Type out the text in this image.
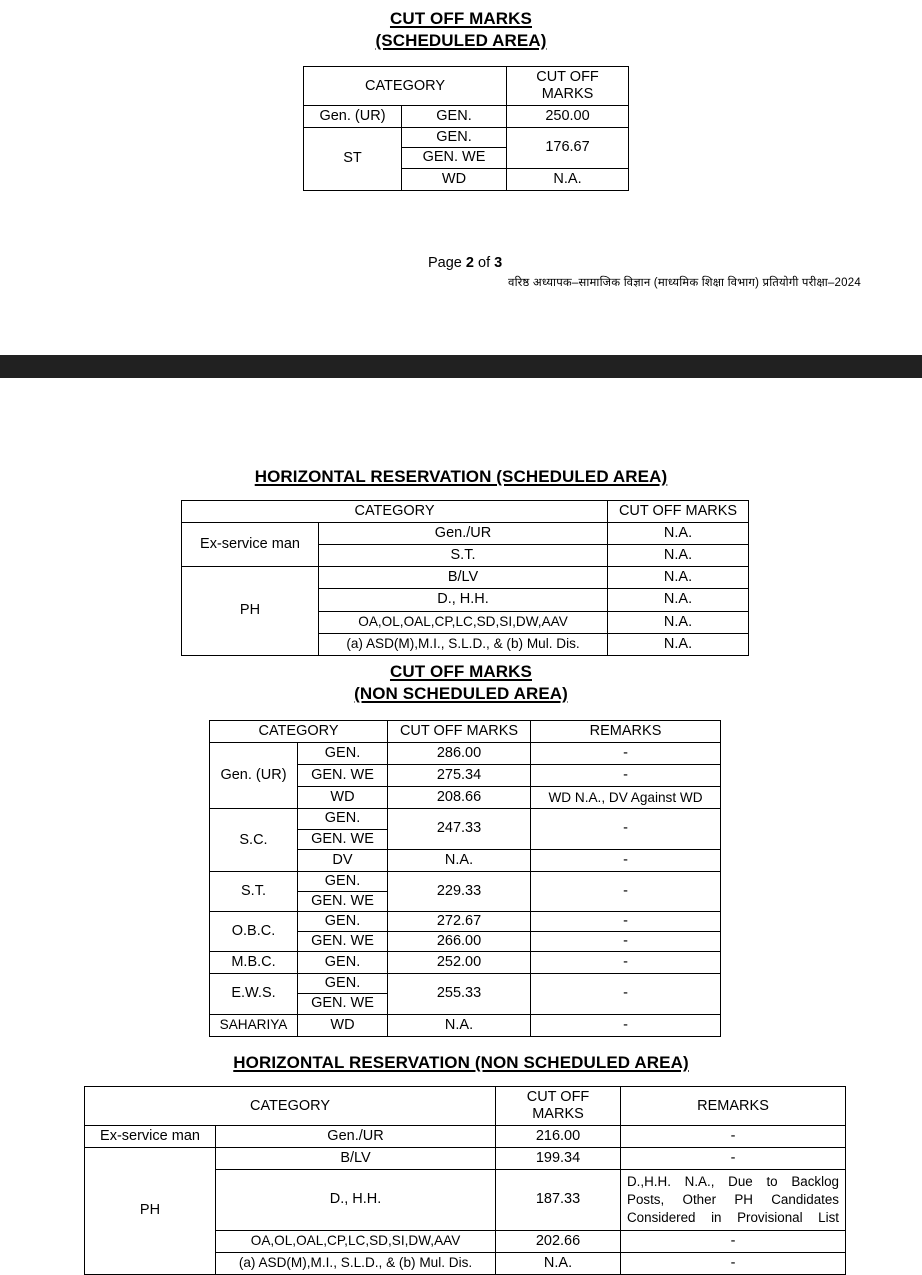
CUT OFF MARKS
(SCHEDULED AREA)
CATEGORY		CUT OFF MARKS
Gen. (UR)	GEN.	250.00
ST	GEN.	176.67
	GEN. WE	
	WD	N.A.
Page 2 of 3
वरिष्ठ अध्यापक–सामाजिक विज्ञान (माध्यमिक शिक्षा विभाग) प्रतियोगी परीक्षा–2024
HORIZONTAL RESERVATION (SCHEDULED AREA)
CATEGORY		CUT OFF MARKS
Ex-service man	Gen./UR	N.A.
	S.T.	N.A.
PH	B/LV	N.A.
	D., H.H.	N.A.
	OA,OL,OAL,CP,LC,SD,SI,DW,AAV	N.A.
	(a) ASD(M),M.I., S.L.D., & (b) Mul. Dis.	N.A.
CUT OFF MARKS
(NON SCHEDULED AREA)
CATEGORY		CUT OFF MARKS	REMARKS
Gen. (UR)	GEN.	286.00	-
	GEN. WE	275.34	-
	WD	208.66	WD N.A., DV Against WD
S.C.	GEN.	247.33	-
	GEN. WE		
	DV	N.A.	-
S.T.	GEN.	229.33	-
	GEN. WE		
O.B.C.	GEN.	272.67	-
	GEN. WE	266.00	-
M.B.C.	GEN.	252.00	-
E.W.S.	GEN.	255.33	-
	GEN. WE		
SAHARIYA	WD	N.A.	-
HORIZONTAL RESERVATION (NON SCHEDULED AREA)
CATEGORY		CUT OFF MARKS	REMARKS
Ex-service man	Gen./UR	216.00	-
PH	B/LV	199.34	-
	D., H.H.	187.33	D.,H.H. N.A., Due to Backlog Posts, Other PH Candidates Considered in Provisional List
	OA,OL,OAL,CP,LC,SD,SI,DW,AAV	202.66	-
	(a) ASD(M),M.I., S.L.D., & (b) Mul. Dis.	N.A.	-
